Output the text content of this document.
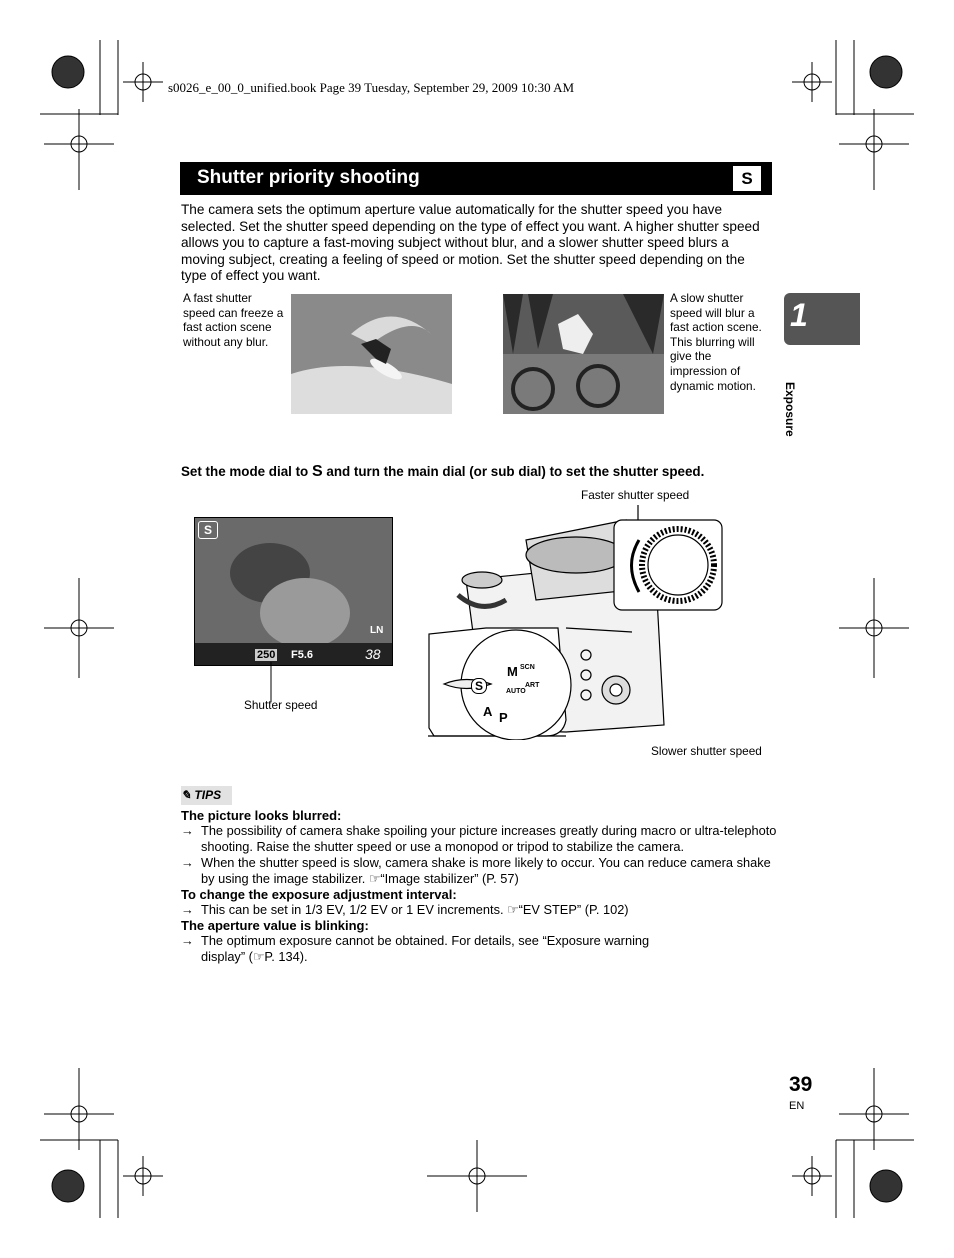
s0026_e_00_0_unified.book Page 39 Tuesday, September 29, 2009 10:30 AM
Shutter priority shooting	S
The camera sets the optimum aperture value automatically for the shutter speed you have selected. Set the shutter speed depending on the type of effect you want. A higher shutter speed allows you to capture a fast-moving subject without blur, and a slower shutter speed blurs a moving subject, creating a feeling of speed or motion. Set the shutter speed depending on the type of effect you want.
A fast shutter speed can freeze a fast action scene without any blur.
A slow shutter speed will blur a fast action scene. This blurring will give the impression of dynamic motion.
1
Exposure
Set the mode dial to S and turn the main dial (or sub dial) to set the shutter speed.
S
LN
250 F5.6	38
Shutter speed
Faster shutter speed
S
M
A P
AUTO
ART
SCN
Slower shutter speed
✎ TIPS
The picture looks blurred:
→ The possibility of camera shake spoiling your picture increases greatly during macro or ultra-telephoto shooting. Raise the shutter speed or use a monopod or tripod to stabilize the camera.
→ When the shutter speed is slow, camera shake is more likely to occur. You can reduce camera shake by using the image stabilizer. ☞“Image stabilizer” (P. 57)
To change the exposure adjustment interval:
→ This can be set in 1/3 EV, 1/2 EV or 1 EV increments. ☞“EV STEP” (P. 102)
The aperture value is blinking:
→ The optimum exposure cannot be obtained. For details, see “Exposure warning display” (☞P. 134).
39
EN
